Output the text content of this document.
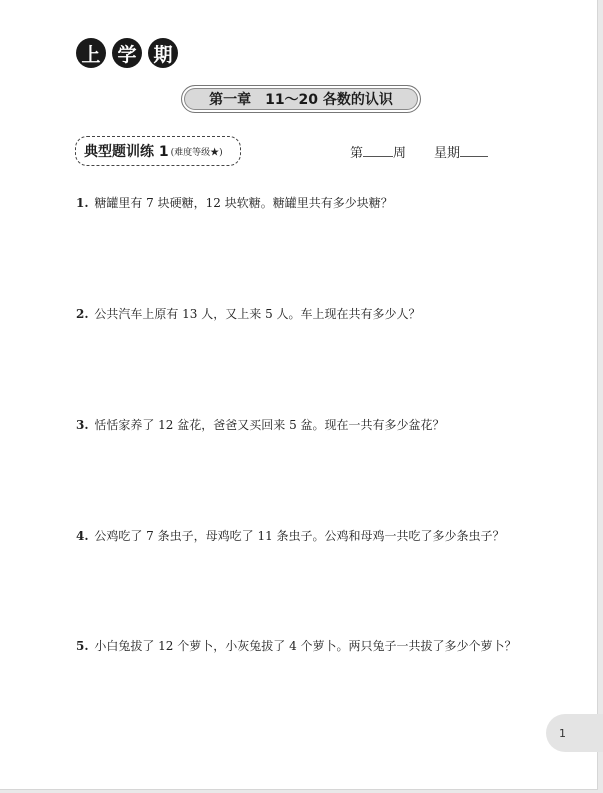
上 学 期
第一章　11～20 各数的认识
典型题训练 1 (难度等级★)	第 周 星期
1. 糖罐里有 7 块硬糖，12 块软糖。糖罐里共有多少块糖？
2. 公共汽车上原有 13 人，又上来 5 人。车上现在共有多少人？
3. 恬恬家养了 12 盆花，爸爸又买回来 5 盆。现在一共有多少盆花？
4. 公鸡吃了 7 条虫子，母鸡吃了 11 条虫子。公鸡和母鸡一共吃了多少条虫子？
5. 小白兔拔了 12 个萝卜，小灰兔拔了 4 个萝卜。两只兔子一共拔了多少个萝卜？
1
